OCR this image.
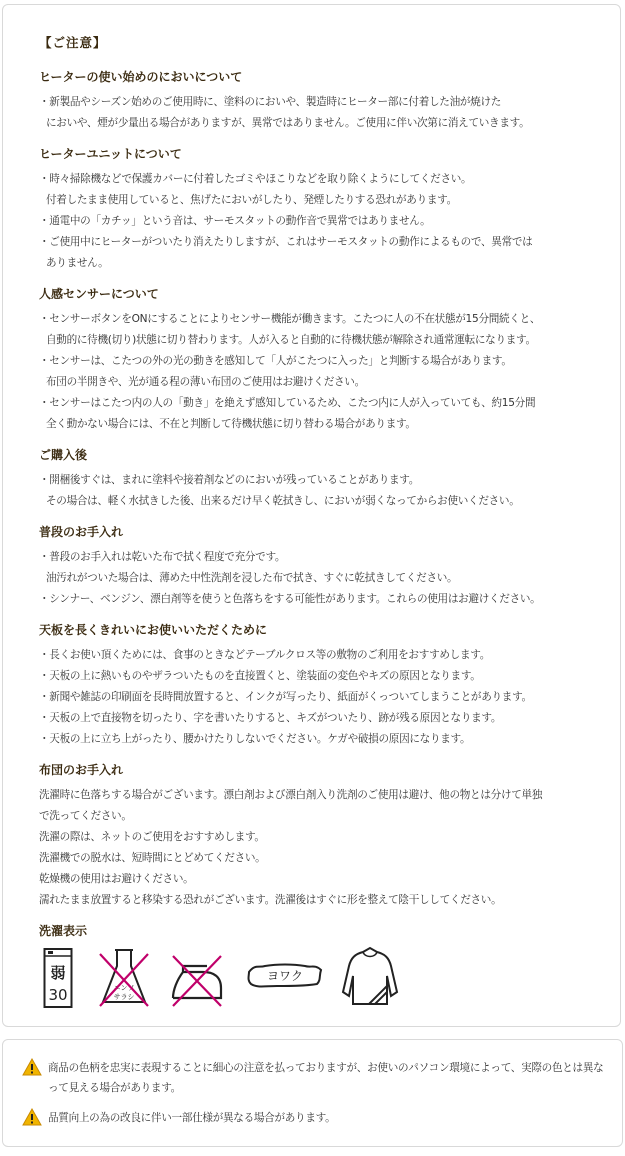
【ご注意】
ヒーターの使い始めのにおいについて
・新製品やシーズン始めのご使用時に、塗料のにおいや、製造時にヒーター部に付着した油が焼けた
においや、煙が少量出る場合がありますが、異常ではありません。ご使用に伴い次第に消えていきます。
ヒーターユニットについて
・時々掃除機などで保護カバーに付着したゴミやほこりなどを取り除くようにしてください。
付着したまま使用していると、焦げたにおいがしたり、発煙したりする恐れがあります。
・通電中の「カチッ」という音は、サーモスタットの動作音で異常ではありません。
・ご使用中にヒーターがついたり消えたりしますが、これはサーモスタットの動作によるもので、異常では
ありません。
人感センサーについて
・センサーボタンをONにすることによりセンサー機能が働きます。こたつに人の不在状態が15分間続くと、
自動的に待機(切り)状態に切り替わります。人が入ると自動的に待機状態が解除され通常運転になります。
・センサーは、こたつの外の光の動きを感知して「人がこたつに入った」と判断する場合があります。
布団の半開きや、光が通る程の薄い布団のご使用はお避けください。
・センサーはこたつ内の人の「動き」を絶えず感知しているため、こたつ内に人が入っていても、約15分間
全く動かない場合には、不在と判断して待機状態に切り替わる場合があります。
ご購入後
・開梱後すぐは、まれに塗料や接着剤などのにおいが残っていることがあります。
その場合は、軽く水拭きした後、出来るだけ早く乾拭きし、においが弱くなってからお使いください。
普段のお手入れ
・普段のお手入れは乾いた布で拭く程度で充分です。
油汚れがついた場合は、薄めた中性洗剤を浸した布で拭き、すぐに乾拭きしてください。
・シンナー、ベンジン、漂白剤等を使うと色落ちをする可能性があります。これらの使用はお避けください。
天板を長くきれいにお使いいただくために
・長くお使い頂くためには、食事のときなどテーブルクロス等の敷物のご利用をおすすめします。
・天板の上に熱いものやザラついたものを直接置くと、塗装面の変色やキズの原因となります。
・新聞や雑誌の印刷面を長時間放置すると、インクが写ったり、紙面がくっついてしまうことがあります。
・天板の上で直接物を切ったり、字を書いたりすると、キズがついたり、跡が残る原因となります。
・天板の上に立ち上がったり、腰かけたりしないでください。ケガや破損の原因になります。
布団のお手入れ
洗濯時に色落ちする場合がございます。漂白剤および漂白剤入り洗剤のご使用は避け、他の物とは分けて単独
で洗ってください。
洗濯の際は、ネットのご使用をおすすめします。
洗濯機での脱水は、短時間にとどめてください。
乾燥機の使用はお避けください。
濡れたまま放置すると移染する恐れがございます。洗濯後はすぐに形を整えて陰干ししてください。
洗濯表示
弱
30	エンソ
サラシ
ヨワク
商品の色柄を忠実に表現することに細心の注意を払っておりますが、お使いのパソコン環境によって、実際の色とは異なって見える場合があります。
品質向上の為の改良に伴い一部仕様が異なる場合があります。
